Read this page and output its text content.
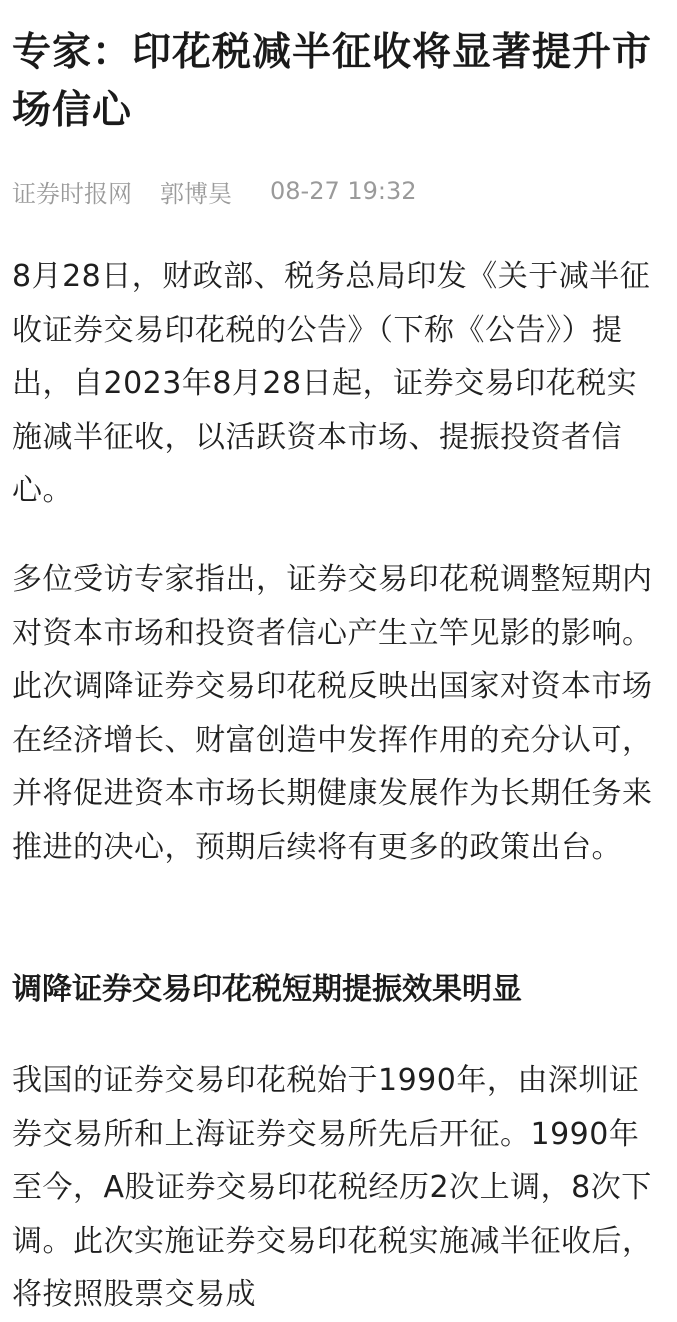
专家：印花税减半征收将显著提升市场信心
证券时报网 郭博昊 08-27 19:32

8月28日，财政部、税务总局印发《关于减半征收证券交易印花税的公告》（下称《公告》）提出，自2023年8月28日起，证券交易印花税实施减半征收，以活跃资本市场、提振投资者信心。

多位受访专家指出，证券交易印花税调整短期内对资本市场和投资者信心产生立竿见影的影响。此次调降证券交易印花税反映出国家对资本市场在经济增长、财富创造中发挥作用的充分认可，并将促进资本市场长期健康发展作为长期任务来推进的决心，预期后续将有更多的政策出台。

调降证券交易印花税短期提振效果明显

我国的证券交易印花税始于1990年，由深圳证券交易所和上海证券交易所先后开征。1990年至今，A股证券交易印花税经历2次上调，8次下调。此次实施证券交易印花税实施减半征收后，将按照股票交易成
